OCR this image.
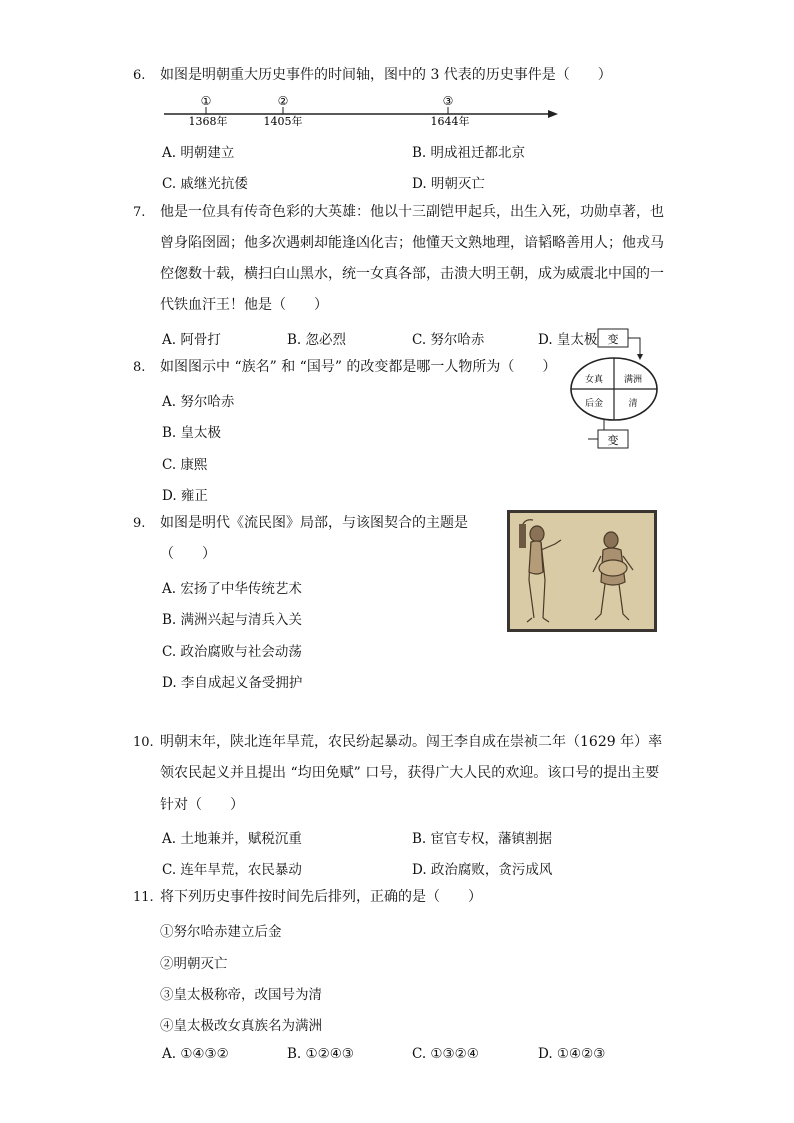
6. 如图是明朝重大历史事件的时间轴，图中的 3 代表的历史事件是（　　）
①	②	③
1368年	1405年	1644年
A. 明朝建立	B. 明成祖迁都北京
C. 戚继光抗倭	D. 明朝灭亡
7. 他是一位具有传奇色彩的大英雄：他以十三副铠甲起兵，出生入死，功勋卓著，也
曾身陷囹圄；他多次遇刺却能逢凶化吉；他懂天文熟地理，谙韬略善用人；他戎马
倥偬数十载，横扫白山黑水，统一女真各部，击溃大明王朝，成为威震北中国的一
代铁血汗王！他是（　　）
A. 阿骨打	B. 忽必烈	C. 努尔哈赤	D. 皇太极
8. 如图图示中 “族名” 和 “国号” 的改变都是哪一人物所为（　　）
变
变
女真 满洲
后金	清
A. 努尔哈赤
B. 皇太极
C. 康熙
D. 雍正
9. 如图是明代《流民图》局部，与该图契合的主题是
（　　）
A. 宏扬了中华传统艺术
B. 满洲兴起与清兵入关
C. 政治腐败与社会动荡
D. 李自成起义备受拥护
10. 明朝末年，陕北连年旱荒，农民纷起暴动。闯王李自成在崇祯二年（1629 年）率
领农民起义并且提出 “均田免赋” 口号，获得广大人民的欢迎。该口号的提出主要
针对（　　）
A. 土地兼并，赋税沉重	B. 宦官专权，藩镇割据
C. 连年旱荒，农民暴动	D. 政治腐败，贪污成风
11. 将下列历史事件按时间先后排列，正确的是（　　）
①努尔哈赤建立后金
②明朝灭亡
③皇太极称帝，改国号为清
④皇太极改女真族名为满洲
A. ①④③②	B. ①②④③	C. ①③②④	D. ①④②③
